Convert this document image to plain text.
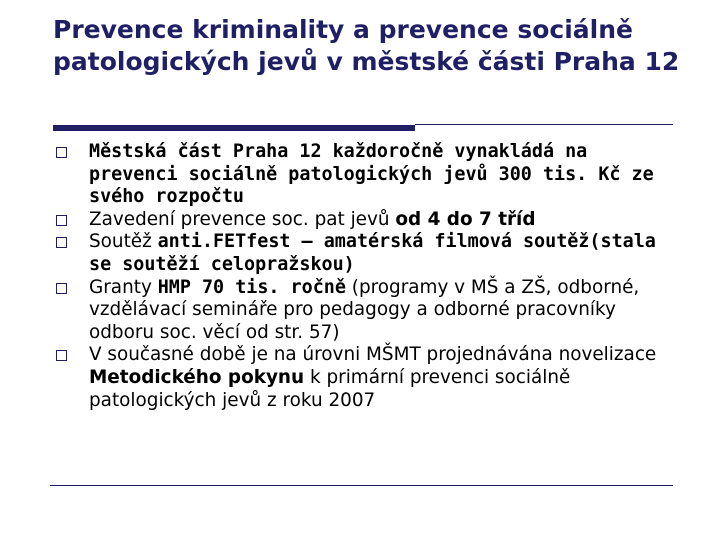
Prevence kriminality a prevence sociálně patologických jevů v městské části Praha 12
Městská část Praha 12 každoročně vynakládá na prevenci sociálně patologických jevů 300 tis. Kč ze svého rozpočtu
Zavedení prevence soc. pat jevů od 4 do 7 tříd
Soutěž anti.FETfest – amatérská filmová soutěž(stala se soutěží celopražskou)
Granty HMP 70 tis. ročně (programy v MŠ a ZŠ, odborné, vzdělávací semináře pro pedagogy a odborné pracovníky odboru soc. věcí od str. 57)
V současné době je na úrovni MŠMT projednávána novelizace Metodického pokynu k primární prevenci sociálně patologických jevů z roku 2007
